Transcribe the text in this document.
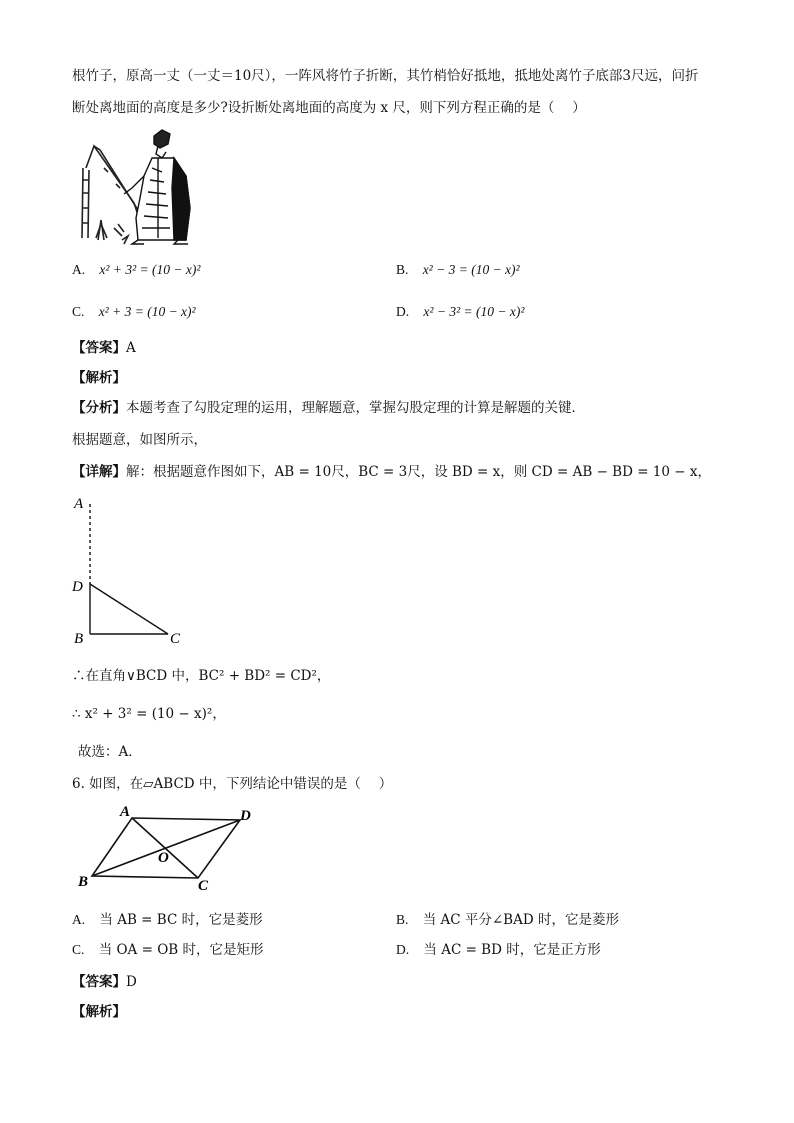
根竹子，原高一丈（一丈＝10尺），一阵风将竹子折断，其竹梢恰好抵地，抵地处离竹子底部3尺远，问折
断处离地面的高度是多少?设折断处离地面的高度为 x 尺，则下列方程正确的是（　 ）
A. x² + 3² = (10 − x)²	B. x² − 3 = (10 − x)²
C. x² + 3 = (10 − x)²	D. x² − 3² = (10 − x)²
【答案】A
【解析】
【分析】本题考查了勾股定理的运用，理解题意，掌握勾股定理的计算是解题的关键．
根据题意，如图所示，
【详解】解：根据题意作图如下，AB = 10尺，BC = 3尺，设 BD = x，则 CD = AB − BD = 10 − x，
A
D
B	C
∴在直角∨BCD 中，BC² + BD² = CD²，
∴ x² + 3² = (10 − x)²，
故选：A．
6. 如图，在▱ABCD 中，下列结论中错误的是（　 ）
A	D
O
B	C
A. 当 AB = BC 时，它是菱形	B. 当 AC 平分∠BAD 时，它是菱形
C. 当 OA = OB 时，它是矩形	D. 当 AC = BD 时，它是正方形
【答案】D
【解析】
